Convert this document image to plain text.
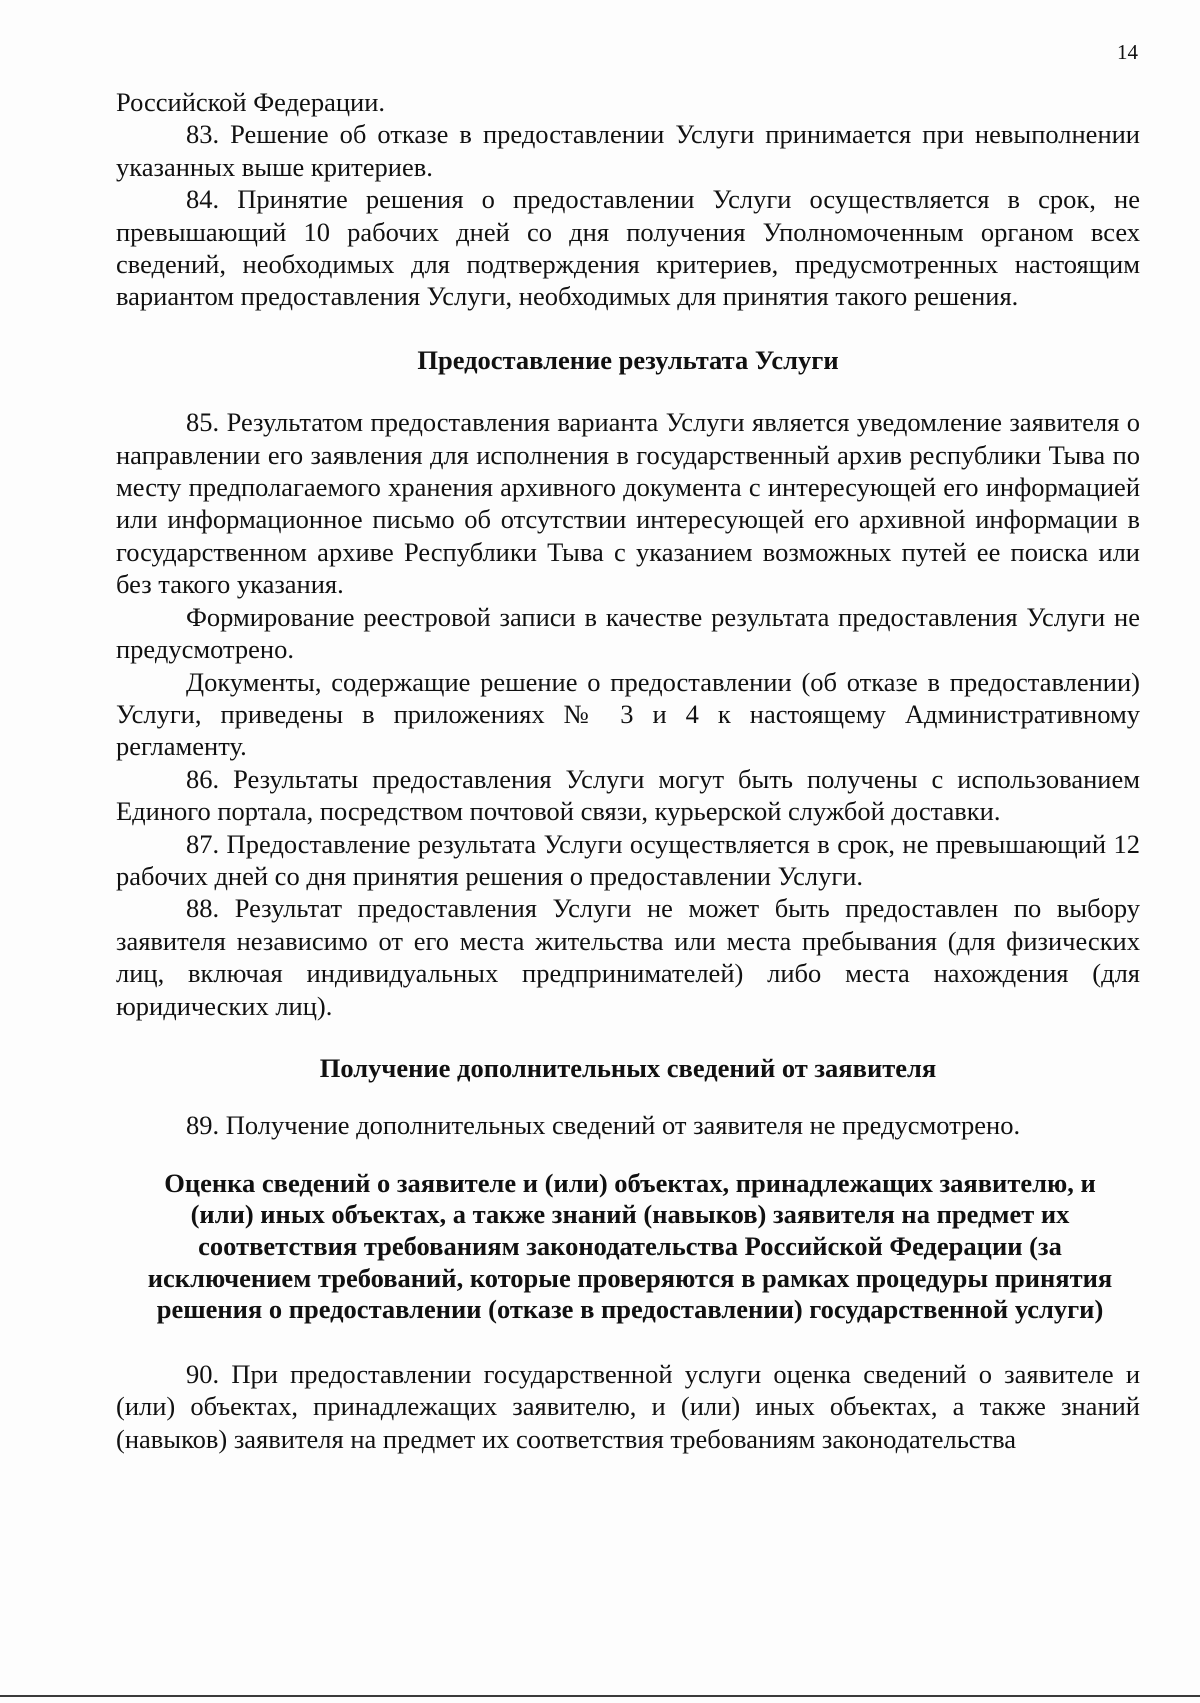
14

Российской Федерации.

83. Решение об отказе в предоставлении Услуги принимается при невыполнении указанных выше критериев.

84. Принятие решения о предоставлении Услуги осуществляется в срок, не превышающий 10 рабочих дней со дня получения Уполномоченным органом всех сведений, необходимых для подтверждения критериев, предусмотренных настоящим вариантом предоставления Услуги, необходимых для принятия такого решения.

Предоставление результата Услуги

85. Результатом предоставления варианта Услуги является уведомление заявителя о направлении его заявления для исполнения в государственный архив республики Тыва по месту предполагаемого хранения архивного документа с интересующей его информацией или информационное письмо об отсутствии интересующей его архивной информации в государственном архиве Республики Тыва с указанием возможных путей ее поиска или без такого указания.

Формирование реестровой записи в качестве результата предоставления Услуги не предусмотрено.

Документы, содержащие решение о предоставлении (об отказе в предоставлении) Услуги, приведены в приложениях № 3 и 4 к настоящему Административному регламенту.

86. Результаты предоставления Услуги могут быть получены с использованием Единого портала, посредством почтовой связи, курьерской службой доставки.

87. Предоставление результата Услуги осуществляется в срок, не превышающий 12 рабочих дней со дня принятия решения о предоставлении Услуги.

88. Результат предоставления Услуги не может быть предоставлен по выбору заявителя независимо от его места жительства или места пребывания (для физических лиц, включая индивидуальных предпринимателей) либо места нахождения (для юридических лиц).

Получение дополнительных сведений от заявителя

89. Получение дополнительных сведений от заявителя не предусмотрено.

Оценка сведений о заявителе и (или) объектах, принадлежащих заявителю, и (или) иных объектах, а также знаний (навыков) заявителя на предмет их соответствия требованиям законодательства Российской Федерации (за исключением требований, которые проверяются в рамках процедуры принятия решения о предоставлении (отказе в предоставлении) государственной услуги)

90. При предоставлении государственной услуги оценка сведений о заявителе и (или) объектах, принадлежащих заявителю, и (или) иных объектах, а также знаний (навыков) заявителя на предмет их соответствия требованиям законодательства
